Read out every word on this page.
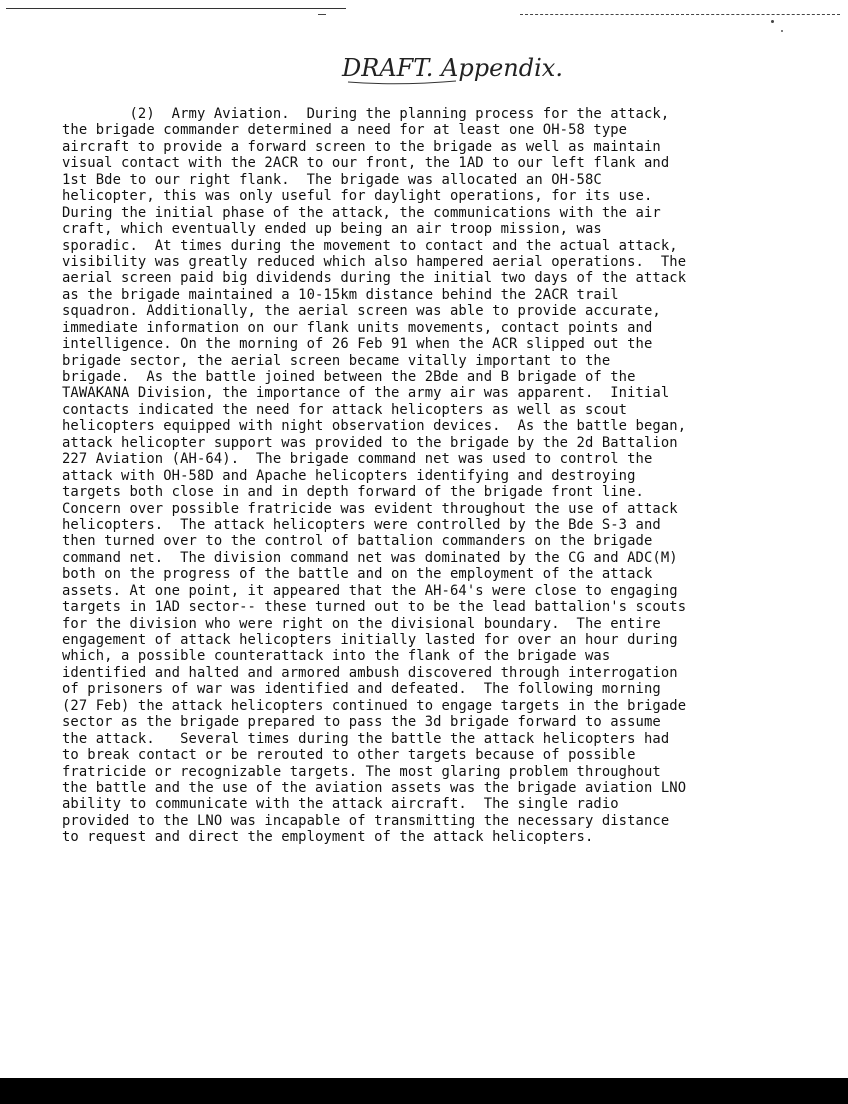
DRAFT. Appendix.
(2)  Army Aviation.  During the planning process for the attack,
the brigade commander determined a need for at least one OH-58 type
aircraft to provide a forward screen to the brigade as well as maintain
visual contact with the 2ACR to our front, the 1AD to our left flank and
1st Bde to our right flank.  The brigade was allocated an OH-58C
helicopter, this was only useful for daylight operations, for its use.
During the initial phase of the attack, the communications with the air
craft, which eventually ended up being an air troop mission, was
sporadic.  At times during the movement to contact and the actual attack,
visibility was greatly reduced which also hampered aerial operations.  The
aerial screen paid big dividends during the initial two days of the attack
as the brigade maintained a 10-15km distance behind the 2ACR trail
squadron. Additionally, the aerial screen was able to provide accurate,
immediate information on our flank units movements, contact points and
intelligence. On the morning of 26 Feb 91 when the ACR slipped out the
brigade sector, the aerial screen became vitally important to the
brigade.  As the battle joined between the 2Bde and B brigade of the
TAWAKANA Division, the importance of the army air was apparent.  Initial
contacts indicated the need for attack helicopters as well as scout
helicopters equipped with night observation devices.  As the battle began,
attack helicopter support was provided to the brigade by the 2d Battalion
227 Aviation (AH-64).  The brigade command net was used to control the
attack with OH-58D and Apache helicopters identifying and destroying
targets both close in and in depth forward of the brigade front line.
Concern over possible fratricide was evident throughout the use of attack
helicopters.  The attack helicopters were controlled by the Bde S-3 and
then turned over to the control of battalion commanders on the brigade
command net.  The division command net was dominated by the CG and ADC(M)
both on the progress of the battle and on the employment of the attack
assets. At one point, it appeared that the AH-64's were close to engaging
targets in 1AD sector-- these turned out to be the lead battalion's scouts
for the division who were right on the divisional boundary.  The entire
engagement of attack helicopters initially lasted for over an hour during
which, a possible counterattack into the flank of the brigade was
identified and halted and armored ambush discovered through interrogation
of prisoners of war was identified and defeated.  The following morning
(27 Feb) the attack helicopters continued to engage targets in the brigade
sector as the brigade prepared to pass the 3d brigade forward to assume
the attack.   Several times during the battle the attack helicopters had
to break contact or be rerouted to other targets because of possible
fratricide or recognizable targets. The most glaring problem throughout
the battle and the use of the aviation assets was the brigade aviation LNO
ability to communicate with the attack aircraft.  The single radio
provided to the LNO was incapable of transmitting the necessary distance
to request and direct the employment of the attack helicopters.
